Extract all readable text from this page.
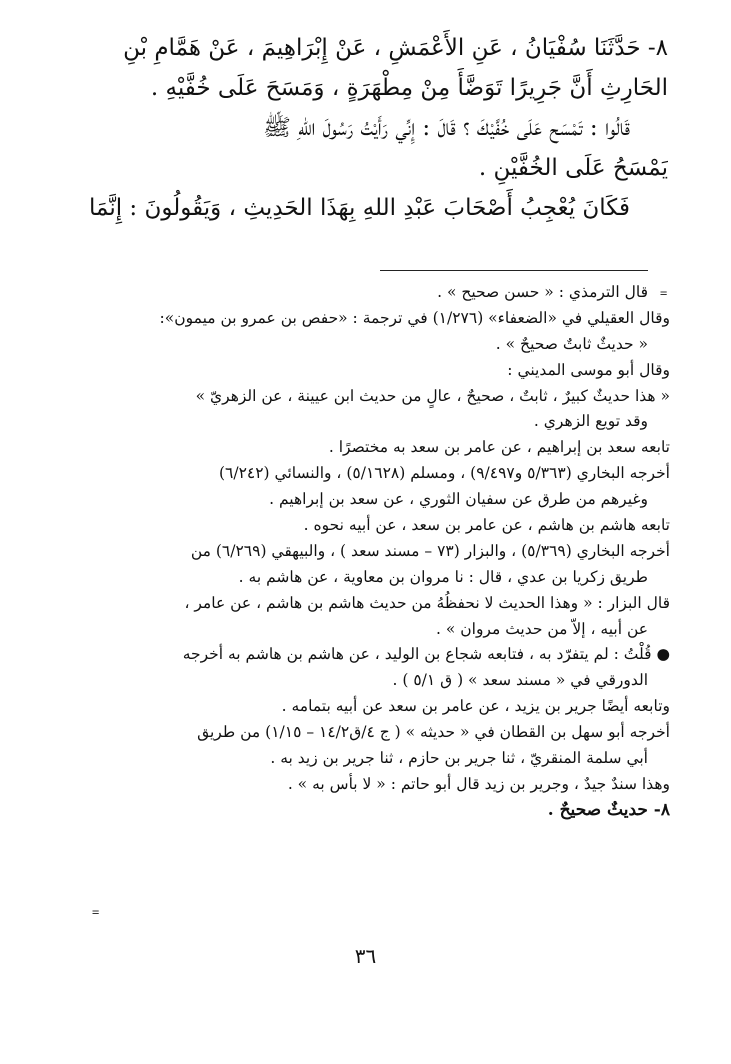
٨- حَدَّثَنَا سُفْيَانُ ، عَنِ الأَعْمَشِ ، عَنْ إِبْرَاهِيمَ ، عَنْ هَمَّامِ بْنِ
الحَارِثِ أَنَّ جَرِيرًا تَوَضَّأَ مِنْ مِطْهَرَةٍ ، وَمَسَحَ عَلَى خُفَّيْهِ .
قَالُوا : تَمْسَح عَلَى خُفَّيْكَ ؟ قَالَ : إِنِّي رَأَيْتُ رَسُولَ اللهِ ﷺ
يَمْسَحُ عَلَى الخُفَّيْنِ .
فَكَانَ يُعْجِبُ أَصْحَابَ عَبْدِ اللهِ بِهَذَا الحَدِيثِ ، وَيَقُولُونَ : إِنَّمَا
=
قال الترمذي : « حسن صحيح » .
وقال العقيلي في «الضعفاء» (١/٢٧٦) في ترجمة : «حفص بن عمرو بن ميمون»:
« حديثٌ ثابتٌ صحيحٌ » .
وقال أبو موسى المديني :
« هذا حديثٌ كبيرٌ ، ثابتٌ ، صحيحٌ ، عالٍ من حديث ابن عيينة ، عن الزهريّ »
وقد تويع الزهري .
تابعه سعد بن إبراهيم ، عن عامر بن سعد به مختصرًا .
أخرجه البخاري (٥/٣٦٣ و٩/٤٩٧) ، ومسلم (٥/١٦٢٨) ، والنسائي (٦/٢٤٢)
وغيرهم من طرق عن سفيان الثوري ، عن سعد بن إبراهيم .
تابعه هاشم بن هاشم ، عن عامر بن سعد ، عن أبيه نحوه .
أخرجه البخاري (٥/٣٦٩) ، والبزار (٧٣ – مسند سعد ) ، والبيهقي (٦/٢٦٩) من
طريق زكريا بن عدي ، قال : نا مروان بن معاوية ، عن هاشم به .
قال البزار : « وهذا الحديث لا نحفظُهُ من حديث هاشم بن هاشم ، عن عامر ،
عن أبيه ، إلاّ من حديث مروان » .
● قُلْتُ : لم يتفرّد به ، فتابعه شجاع بن الوليد ، عن هاشم بن هاشم به أخرجه
الدورقي في « مسند سعد » ( ق ٥/١ ) .
وتابعه أيضًا جرير بن يزيد ، عن عامر بن سعد عن أبيه بتمامه .
أخرجه أبو سهل بن القطان في « حديثه » ( ج ٤/ق١٤/٢ – ١/١٥) من طريق
أبي سلمة المنقريّ ، ثنا جرير بن حازم ، ثنا جرير بن زيد به .
وهذا سندٌ جيدٌ ، وجرير بن زيد قال أبو حاتم : « لا بأس به » .
٨- حديثٌ صحيحٌ .
=
٣٦
